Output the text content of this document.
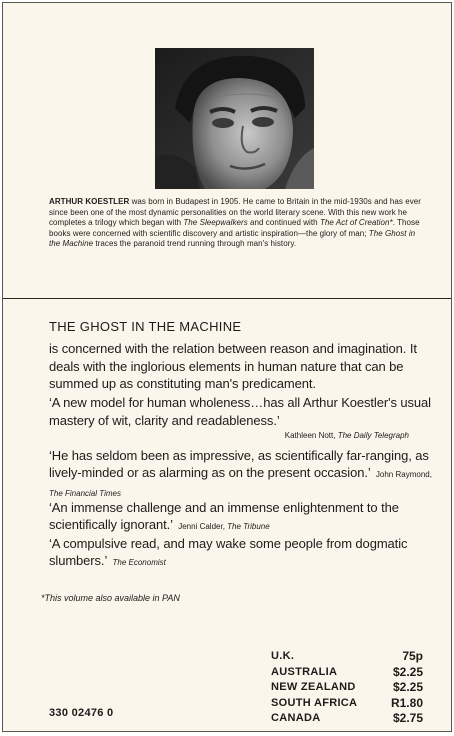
ARTHUR KOESTLER was born in Budapest in 1905. He came to Britain in the mid-1930s and has ever since been one of the most dynamic personalities on the world literary scene. With this new work he completes a trilogy which began with The Sleepwalkers and continued with The Act of Creation*. Those books were concerned with scientific discovery and artistic inspiration—the glory of man; The Ghost in the Machine traces the paranoid trend running through man's history.
THE GHOST IN THE MACHINE
is concerned with the relation between reason and imagination. It deals with the inglorious elements in human nature that can be summed up as constituting man's predicament.
‘A new model for human wholeness…has all Arthur Koestler's usual mastery of wit, clarity and readableness.’
Kathleen Nott, The Daily Telegraph
‘He has seldom been as impressive, as scientifically far-ranging, as lively-minded or as alarming as on the present occasion.’ John Raymond, The Financial Times
‘An immense challenge and an immense enlightenment to the scientifically ignorant.’ Jenni Calder, The Tribune
‘A compulsive read, and may wake some people from dogmatic slumbers.’ The Economist
*This volume also available in PAN
330 02476 0
U.K.	75p
AUSTRALIA	$2.25
NEW ZEALAND	$2.25
SOUTH AFRICA	R1.80
CANADA	$2.75
